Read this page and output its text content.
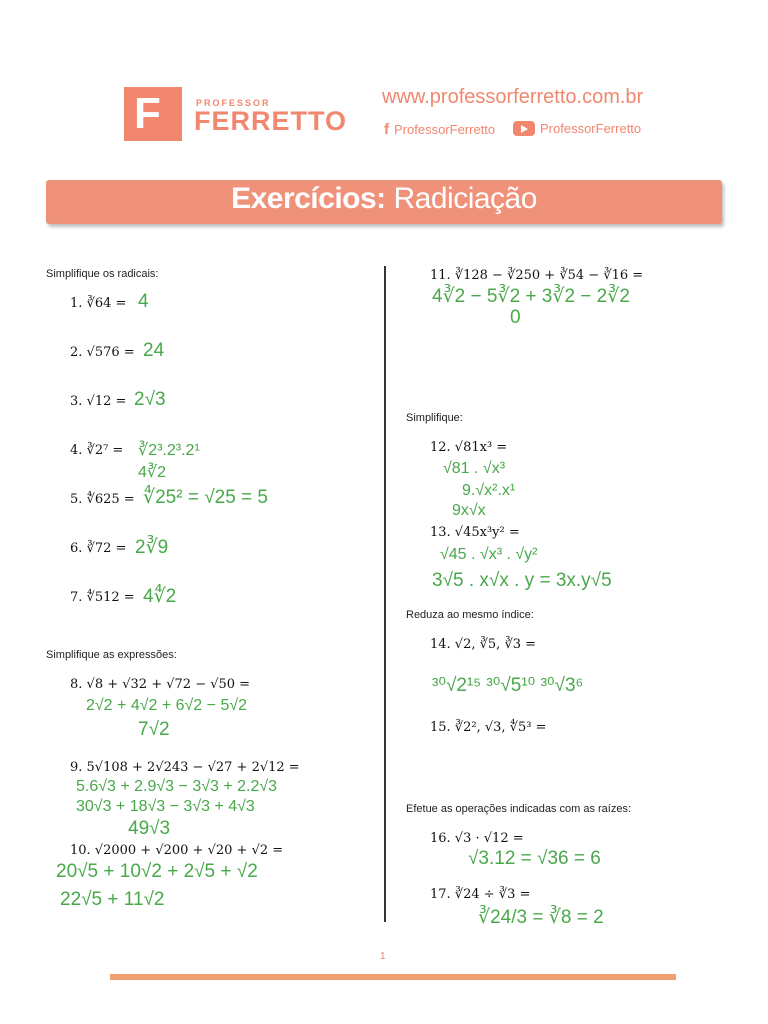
F	PROFESSOR
FERRETTO
www.professorferretto.com.br
f ProfessorFerretto	ProfessorFerretto
Exercícios: Radiciação
Simplifique os radicais:
1. ∛64 = 4
2. √576 = 24
3. √12 = 2√3
4. ∛2⁷ = ∛2³.2³.2¹
4∛2
5. ∜625 = ∜25² = √25 = 5
6. ∛72 = 2∛9
7. ∜512 = 4∜2
Simplifique as expressões:
8. √8 + √32 + √72 − √50 =
2√2 + 4√2 + 6√2 − 5√2
7√2
9. 5√108 + 2√243 − √27 + 2√12 =
5.6√3 + 2.9√3 − 3√3 + 2.2√3
30√3 + 18√3 − 3√3 + 4√3
49√3
10. √2000 + √200 + √20 + √2 =
20√5 + 10√2 + 2√5 + √2
22√5 + 11√2
11. ∛128 − ∛250 + ∛54 − ∛16 =
4∛2 − 5∛2 + 3∛2 − 2∛2
0
Simplifique:
12. √81x³ =
√81 . √x³
9.√x².x¹
9x√x
13. √45x³y² =
√45 . √x³ . √y²
3√5 . x√x . y = 3x.y√5
Reduza ao mesmo índice:
14. √2, ∛5, ∛3 =
³⁰√2¹⁵ ³⁰√5¹⁰ ³⁰√3⁶
15. ∛2², √3, ∜5³ =
Efetue as operações indicadas com as raízes:
16. √3 · √12 =
√3.12 = √36 = 6
17. ∛24 ÷ ∛3 =
∛24/3 = ∛8 = 2
1
